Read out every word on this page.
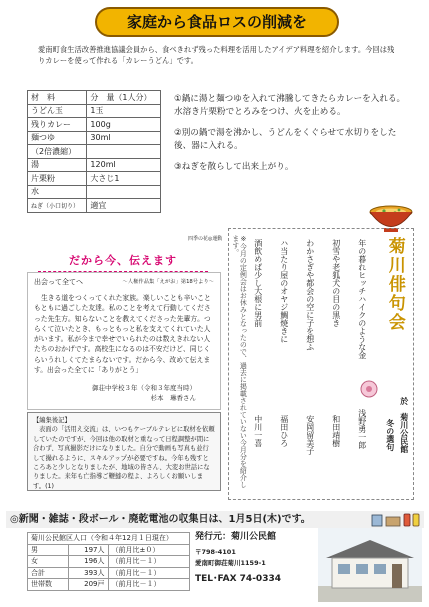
家庭から食品ロスの削減を
愛南町食生活改善推進協議会員から、食べきれず残った料理を活用したアイデア料理を紹介します。今回は残りカレーを使って作れる「カレーうどん」です。
材　料	分　量（1人分）
うどん玉	1玉
残りカレー	100g
麺つゆ	30ml
（2倍濃縮）	
湯	120ml
片栗粉	大さじ1
水	
ねぎ（小口切り）	適宜

①鍋に湯と麺つゆを入れて沸騰してきたらカレーを入れる。水溶き片栗粉でとろみをつけ、火を止める。

②別の鍋で湯を沸かし、うどんをくぐらせて水切りをした後、器に入れる。

③ねぎを散らして出来上がり。

四季の花◎運動
だから今、伝えます
出会って全てへ	～人権作品集「えがお」第18号より～
生きる道をつくってくれた家族。楽しいことも辛いこともともに過ごした友達。私のことを考えて行動してくださった先生方。知らないことを教えてくださった先輩方。つらくて泣いたとき、もっともっと私を支えてくれていた人がいます。私が今まで幸せでいられたのは数えきれない人たちのおかげです。高校生になるのは不安だけど、同じくらいうれしくてたまらないです。だから今、改めて伝えます。出会った全てに「ありがとう」
御荘中学校３年（令和３年度当時）
杉本　琳香さん
【編集後記】
表面の「活用え交流」は、いつもケーブルテレビに取材を依頼していたのですが、今回は他の取材と重なって日程調整が間に合わず、写真撮影だけになりました。自分で動画も写真も並行して撮れるように、スキルアップが必要ですね。今年も残すところあと少しとなりましたが、地域の皆さん、大変お世話になりました。来年も亡指導ご鞭撻の程よ、よろしくお願いします。(1)
菊川俳句会
於　菊川公民館
冬の選句
年の暮れヒッチハイクのような金
浅野勇一郎
初雪や老狐犬の目の黒き
和田靖樹
わかさぎや都会の空に子を想ふ
安岡留美子
ハ当たり屋のオヤジ鯛焼きに
福田ひろ
酒飲めば少し大根に男前
中川一喜
※今月の定例会はお休みとなったので、過去に掲載されていない今月分を紹介します。
◎新聞・雑誌・段ボール・廃乾電池の収集日は、1月5日(木)です。
菊川公民館区人口（令和４年12月１日現在）		
男	197人	（前月比±０）
女	196人	（前月比－１）
合計	393人	（前月比－１）
世帯数	209戸	（前月比－１）
発行元：菊川公民館
〒798-4101
愛南町御荘菊川1159-1
TEL･FAX 74-0334
